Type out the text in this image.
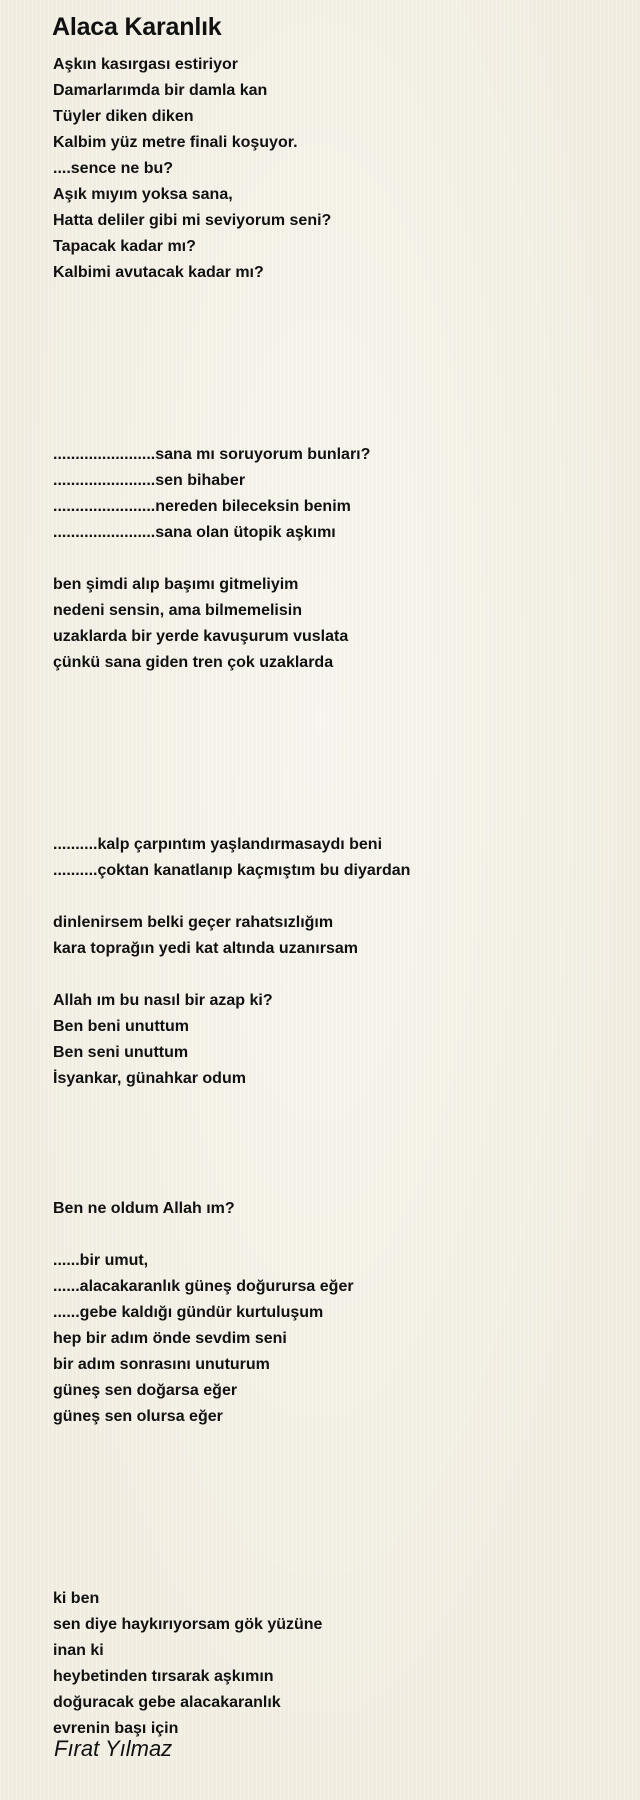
Alaca Karanlık
Aşkın kasırgası estiriyor
Damarlarımda bir damla kan
Tüyler diken diken
Kalbim yüz metre finali koşuyor.
....sence ne bu?
Aşık mıyım yoksa sana,
Hatta deliler gibi mi seviyorum seni?
Tapacak kadar mı?
Kalbimi avutacak kadar mı?
.......................sana mı soruyorum bunları?
.......................sen bihaber
.......................nereden bileceksin benim
.......................sana olan ütopik aşkımı
ben şimdi alıp başımı gitmeliyim
nedeni sensin, ama bilmemelisin
uzaklarda bir yerde kavuşurum vuslata
çünkü sana giden tren çok uzaklarda
..........kalp çarpıntım yaşlandırmasaydı beni
..........çoktan kanatlanıp kaçmıştım bu diyardan
dinlenirsem belki geçer rahatsızlığım
kara toprağın yedi kat altında uzanırsam
Allah ım bu nasıl bir azap ki?
Ben beni unuttum
Ben seni unuttum
İsyankar, günahkar odum
Ben ne oldum Allah ım?
......bir umut,
......alacakaranlık güneş doğurursa eğer
......gebe kaldığı gündür kurtuluşum
hep bir adım önde sevdim seni
bir adım sonrasını unuturum
güneş sen doğarsa eğer
güneş sen olursa eğer
ki ben
sen diye haykırıyorsam gök yüzüne
inan ki
heybetinden tırsarak aşkımın
doğuracak gebe alacakaranlık
evrenin başı için
Fırat Yılmaz
